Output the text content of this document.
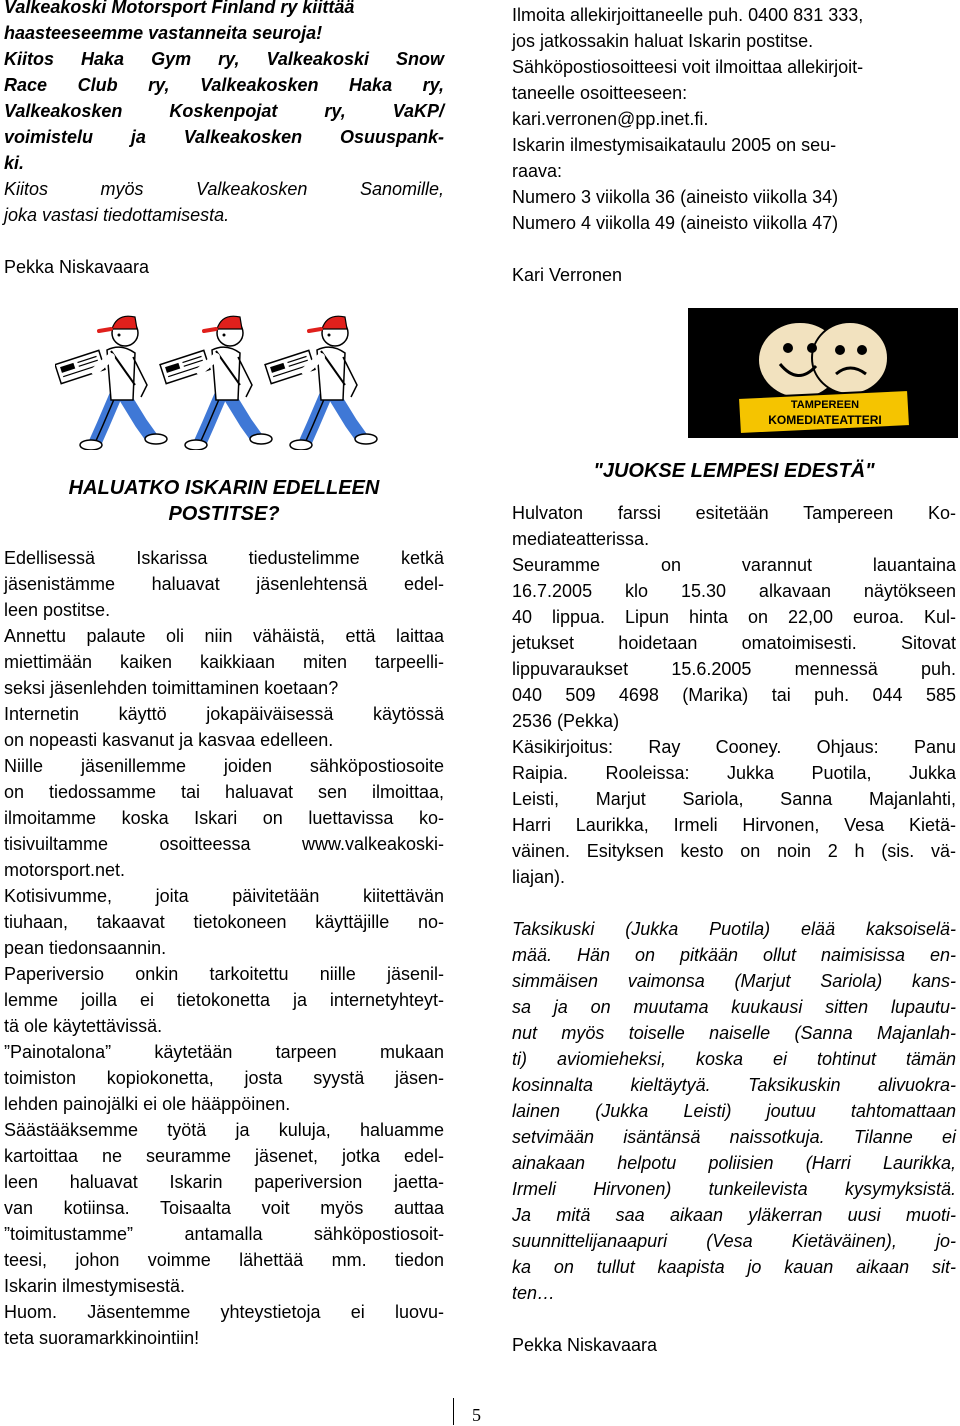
Valkeakoski Motorsport Finland ry kiittää
haasteeseemme vastanneita seuroja!
Kiitos Haka Gym ry, Valkeakoski Snow
Race Club ry, Valkeakosken Haka ry,
Valkeakosken Koskenpojat ry, VaKP/
voimistelu ja Valkeakosken Osuuspank-
ki.
Kiitos myös Valkeakosken Sanomille,
joka vastasi tiedottamisesta.
Pekka Niskavaara
Ilmoita allekirjoittaneelle puh. 0400 831 333,
jos jatkossakin haluat Iskarin postitse.
Sähköpostiosoitteesi voit ilmoittaa allekirjoit-
taneelle osoitteeseen:
kari.verronen@pp.inet.fi.
Iskarin ilmestymisaikataulu 2005 on seu-
raava:
Numero 3 viikolla 36 (aineisto viikolla 34)
Numero 4 viikolla 49 (aineisto viikolla 47)
Kari Verronen
TAMPEREEN
KOMEDIATEATTERI
HALUATKO ISKARIN EDELLEEN
POSTITSE?
Edellisessä Iskarissa tiedustelimme ketkä
jäsenistämme haluavat jäsenlehtensä edel-
leen postitse.
Annettu palaute oli niin vähäistä, että laittaa
miettimään kaiken kaikkiaan miten tarpeelli-
seksi jäsenlehden toimittaminen koetaan?
Internetin käyttö jokapäiväisessä käytössä
on nopeasti kasvanut ja kasvaa edelleen.
Niille jäsenillemme joiden sähköpostiosoite
on tiedossamme tai haluavat sen ilmoittaa,
ilmoitamme koska Iskari on luettavissa ko-
tisivuiltamme osoitteessa www.valkeakoski-
motorsport.net.
Kotisivumme, joita päivitetään kiitettävän
tiuhaan, takaavat tietokoneen käyttäjille no-
pean tiedonsaannin.
Paperiversio onkin tarkoitettu niille jäsenil-
lemme joilla ei tietokonetta ja internetyhteyt-
tä ole käytettävissä.
”Painotalona” käytetään tarpeen mukaan
toimiston kopiokonetta, josta syystä jäsen-
lehden painojälki ei ole hääppöinen.
Säästääksemme työtä ja kuluja, haluamme
kartoittaa ne seuramme jäsenet, jotka edel-
leen haluavat Iskarin paperiversion jaetta-
van kotiinsa. Toisaalta voit myös auttaa
”toimitustamme” antamalla sähköpostiosoit-
teesi, johon voimme lähettää mm. tiedon
Iskarin ilmestymisestä.
Huom. Jäsentemme yhteystietoja ei luovu-
teta suoramarkkinointiin!
"JUOKSE LEMPESI EDESTÄ"
Hulvaton farssi esitetään Tampereen Ko-
mediateatterissa.
Seuramme on varannut lauantaina
16.7.2005 klo 15.30 alkavaan näytökseen
40 lippua. Lipun hinta on 22,00 euroa. Kul-
jetukset hoidetaan omatoimisesti. Sitovat
lippuvaraukset 15.6.2005 mennessä puh.
040 509 4698 (Marika) tai puh. 044 585
2536 (Pekka)
Käsikirjoitus: Ray Cooney. Ohjaus: Panu
Raipia. Rooleissa: Jukka Puotila, Jukka
Leisti, Marjut Sariola, Sanna Majanlahti,
Harri Laurikka, Irmeli Hirvonen, Vesa Kietä-
väinen. Esityksen kesto on noin 2 h (sis. vä-
liajan).
Taksikuski (Jukka Puotila) elää kaksoiselä-
mää. Hän on pitkään ollut naimisissa en-
simmäisen vaimonsa (Marjut Sariola) kans-
sa ja on muutama kuukausi sitten lupautu-
nut myös toiselle naiselle (Sanna Majanlah-
ti) aviomieheksi, koska ei tohtinut tämän
kosinnalta kieltäytyä. Taksikuskin alivuokra-
lainen (Jukka Leisti) joutuu tahtomattaan
setvimään isäntänsä naissotkuja. Tilanne ei
ainakaan helpotu poliisien (Harri Laurikka,
Irmeli Hirvonen) tunkeilevista kysymyksistä.
Ja mitä saa aikaan yläkerran uusi muoti-
suunnittelijanaapuri (Vesa Kietäväinen), jo-
ka on tullut kaapista jo kauan aikaan sit-
ten…
Pekka Niskavaara
5
